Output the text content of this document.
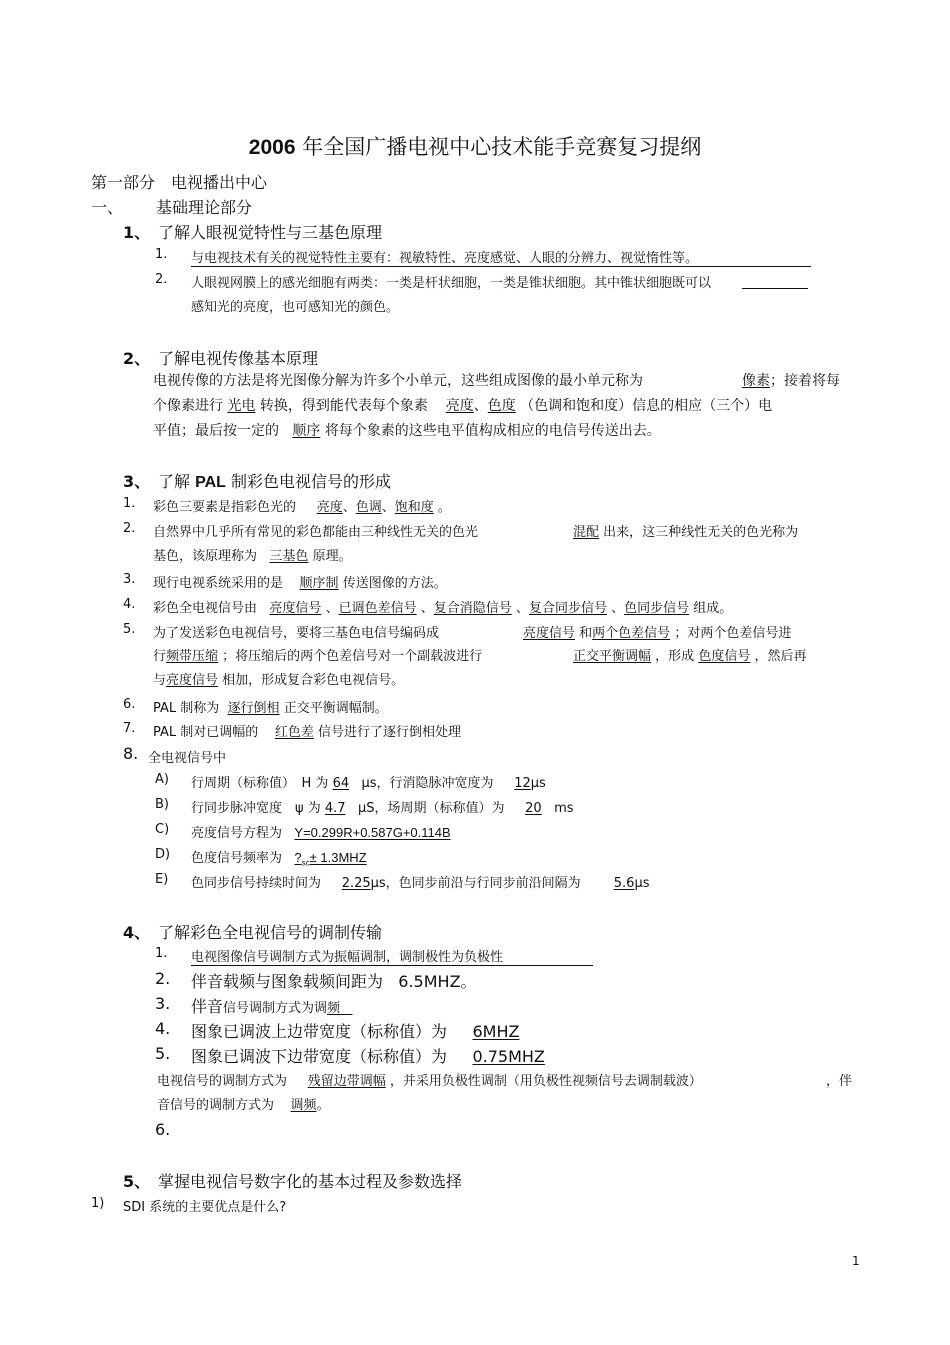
2006 年全国广播电视中心技术能手竞赛复习提纲
第一部分　电视播出中心
一、 基础理论部分
1、 了解人眼视觉特性与三基色原理
1. 与电视技术有关的视觉特性主要有：视敏特性、亮度感觉、人眼的分辨力、视觉惰性等。
2. 人眼视网膜上的感光细胞有两类：一类是杆状细胞，一类是锥状细胞。其中锥状细胞既可以
感知光的亮度，也可感知光的颜色。
2、 了解电视传像基本原理
电视传像的方法是将光图像分解为许多个小单元，这些组成图像的最小单元称为	像素；接着将每
个像素进行 光电 转换，得到能代表每个象素 亮度、色度 （色调和饱和度）信息的相应（三个）电
平值；最后按一定的 顺序 将每个象素的这些电平值构成相应的电信号传送出去。
3、 了解 PAL 制彩色电视信号的形成
1. 彩色三要素是指彩色光的 亮度、色调、饱和度 。
2. 自然界中几乎所有常见的彩色都能由三种线性无关的色光	混配 出来，这三种线性无关的色光称为
基色，该原理称为 三基色 原理。
3. 现行电视系统采用的是 顺序制 传送图像的方法。
4. 彩色全电视信号由 亮度信号 、已调色差信号 、复合消隐信号 、复合同步信号 、色同步信号 组成。
5. 为了发送彩色电视信号，要将三基色电信号编码成	亮度信号 和两个色差信号 ；对两个色差信号进
行频带压缩 ；将压缩后的两个色差信号对一个副载波进行	正交平衡调幅 ，形成 色度信号 ，然后再
与亮度信号 相加，形成复合彩色电视信号。
6. PAL 制称为 逐行倒相 正交平衡调幅制。
7. PAL 制对已调幅的 红色差 信号进行了逐行倒相处理
8. 全电视信号中
A) 行周期（标称值）　H 为 64 μs，行消隐脉冲宽度为 12μs
B) 行同步脉冲宽度　ψ 为 4.7 μS，场周期（标称值）为 20 ms
C) 亮度信号方程为 Y=0.299R+0.587G+0.114B
D) 色度信号频率为 $?_{sc}\pm 1.3MHZ$
E) 色同步信号持续时间为 2.25μs，色同步前沿与行同步前沿间隔为	5.6μs
4、 了解彩色全电视信号的调制传输
1. 电视图像信号调制方式为振幅调制，调制极性为负极性
2. 伴音载频与图象载频间距为 6.5MHZ。
3. 伴音信号调制方式为调频
4. 图象已调波上边带宽度（标称值）为 6MHZ
5. 图象已调波下边带宽度（标称值）为 0.75MHZ
电视信号的调制方式为 残留边带调幅 ，并采用负极性调制（用负极性视频信号去调制载波）	，伴
音信号的调制方式为 调频。
6.
5、 掌握电视信号数字化的基本过程及参数选择
1) SDI 系统的主要优点是什么?
1
